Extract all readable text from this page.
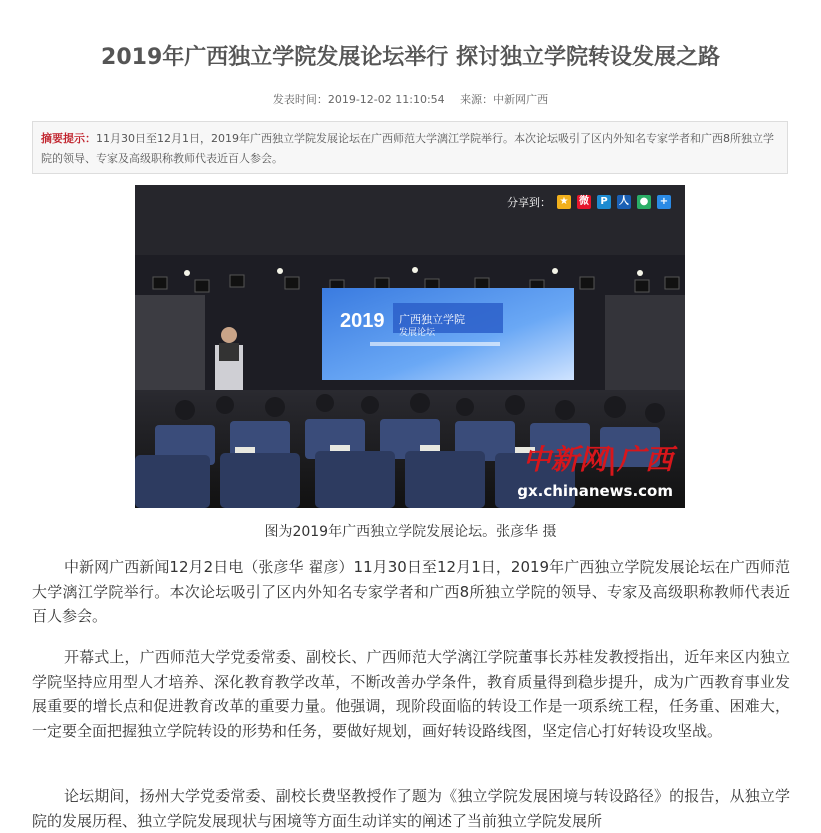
2019年广西独立学院发展论坛举行 探讨独立学院转设发展之路
发表时间：2019-12-02 11:10:54 来源：中新网广西
摘要提示：11月30日至12月1日，2019年广西独立学院发展论坛在广西师范大学漓江学院举行。本次论坛吸引了区内外知名专家学者和广西8所独立学院的领导、专家及高级职称教师代表近百人参会。
2019 广西独立学院
发展论坛
分享到： ★ 微	P	人 ● +
中新网|广西
gx.chinanews.com
图为2019年广西独立学院发展论坛。张彦华 摄

中新网广西新闻12月2日电（张彦华 翟彦）11月30日至12月1日，2019年广西独立学院发展论坛在广西师范大学漓江学院举行。本次论坛吸引了区内外知名专家学者和广西8所独立学院的领导、专家及高级职称教师代表近百人参会。

开幕式上，广西师范大学党委常委、副校长、广西师范大学漓江学院董事长苏桂发教授指出，近年来区内独立学院坚持应用型人才培养、深化教育教学改革，不断改善办学条件，教育质量得到稳步提升，成为广西教育事业发展重要的增长点和促进教育改革的重要力量。他强调，现阶段面临的转设工作是一项系统工程，任务重、困难大，一定要全面把握独立学院转设的形势和任务，要做好规划，画好转设路线图，坚定信心打好转设攻坚战。

论坛期间，扬州大学党委常委、副校长费坚教授作了题为《独立学院发展困境与转设路径》的报告，从独立学院的发展历程、独立学院发展现状与困境等方面生动详实的阐述了当前独立学院发展所
